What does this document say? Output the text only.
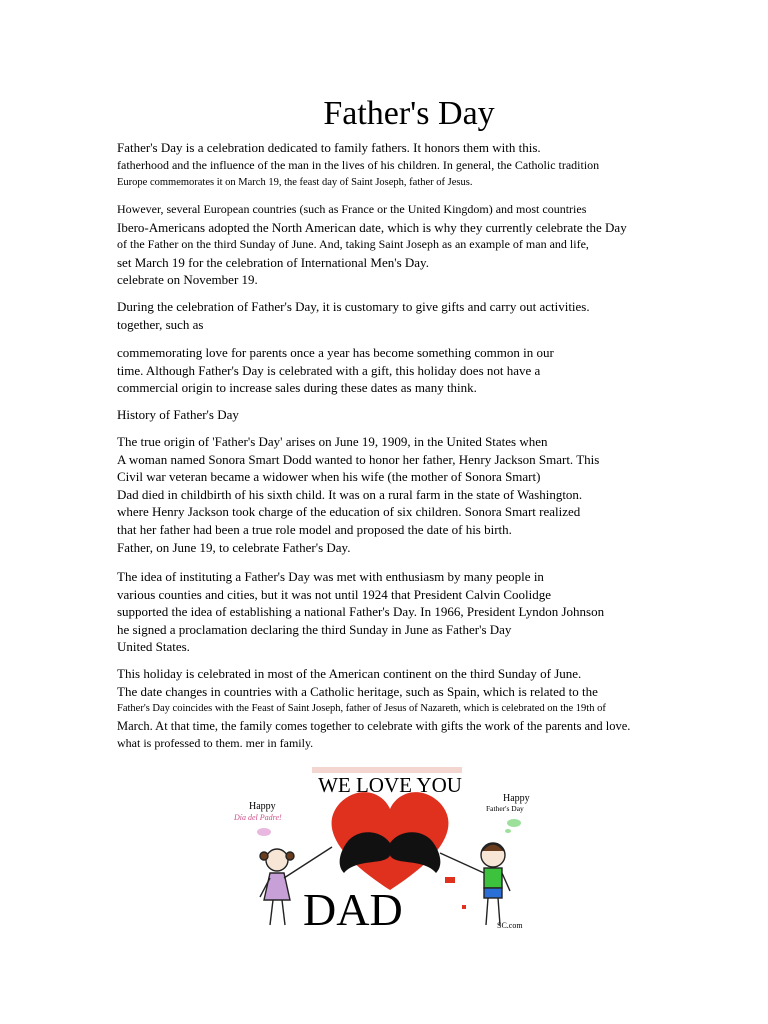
Father's Day

Father's Day is a celebration dedicated to family fathers. It honors them with this.
fatherhood and the influence of the man in the lives of his children. In general, the Catholic tradition
Europe commemorates it on March 19, the feast day of Saint Joseph, father of Jesus.

However, several European countries (such as France or the United Kingdom) and most countries
Ibero-Americans adopted the North American date, which is why they currently celebrate the Day
of the Father on the third Sunday of June. And, taking Saint Joseph as an example of man and life,
set March 19 for the celebration of International Men's Day.
celebrate on November 19.

During the celebration of Father's Day, it is customary to give gifts and carry out activities.
together, such as

commemorating love for parents once a year has become something common in our
time. Although Father's Day is celebrated with a gift, this holiday does not have a
commercial origin to increase sales during these dates as many think.

History of Father's Day

The true origin of 'Father's Day' arises on June 19, 1909, in the United States when
A woman named Sonora Smart Dodd wanted to honor her father, Henry Jackson Smart. This
Civil war veteran became a widower when his wife (the mother of Sonora Smart)
Dad died in childbirth of his sixth child. It was on a rural farm in the state of Washington.
where Henry Jackson took charge of the education of six children. Sonora Smart realized
that her father had been a true role model and proposed the date of his birth.
Father, on June 19, to celebrate Father's Day.

The idea of instituting a Father's Day was met with enthusiasm by many people in
various counties and cities, but it was not until 1924 that President Calvin Coolidge
supported the idea of establishing a national Father's Day. In 1966, President Lyndon Johnson
he signed a proclamation declaring the third Sunday in June as Father's Day
United States.

This holiday is celebrated in most of the American continent on the third Sunday of June.
The date changes in countries with a Catholic heritage, such as Spain, which is related to the
Father's Day coincides with the Feast of Saint Joseph, father of Jesus of Nazareth, which is celebrated on the 19th of
March. At that time, the family comes together to celebrate with gifts the work of the parents and love.
what is professed to them. mer in family.

WE LOVE YOU
Happy
Día del Padre!
Happy
Father's Day
DAD	SC.com
